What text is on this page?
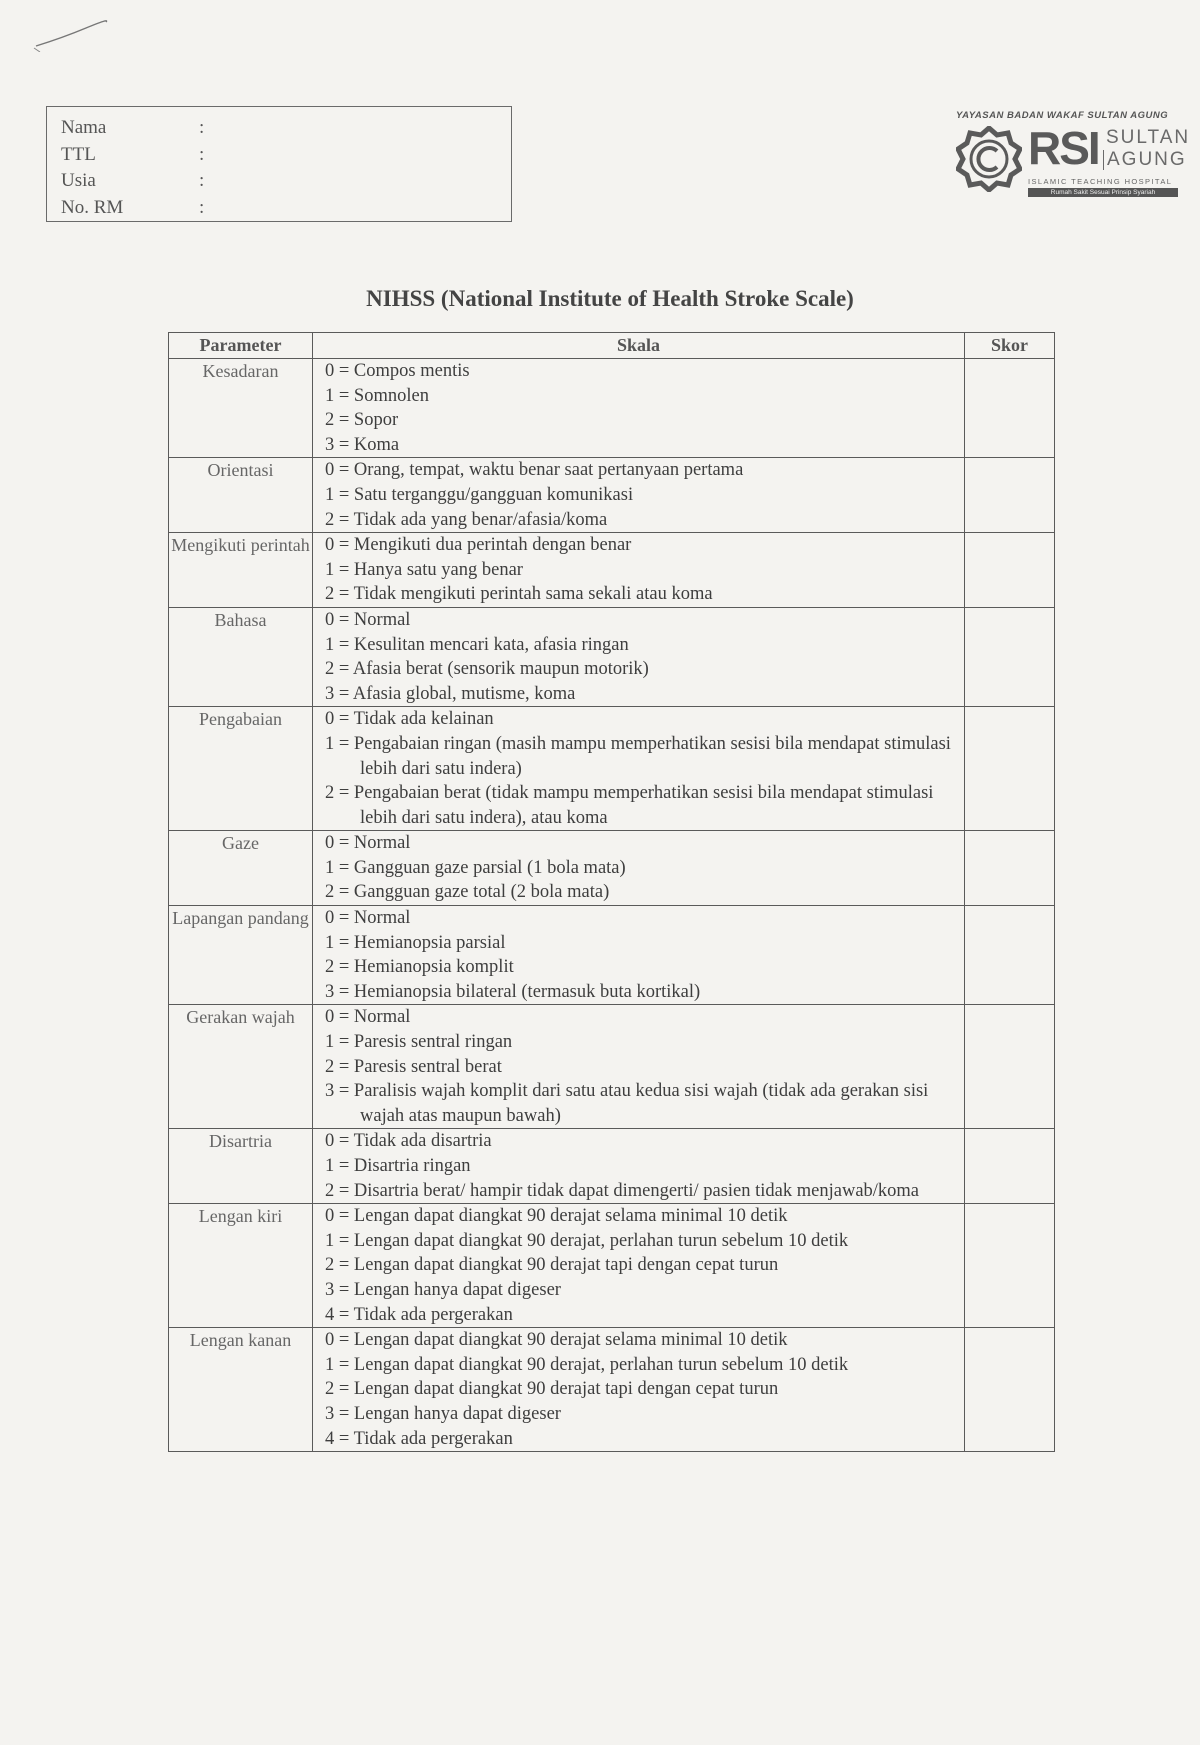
Nama	:
TTL	:
Usia	:
No. RM	:
YAYASAN BADAN WAKAF SULTAN AGUNG
RSI SULTAN
AGUNG
ISLAMIC TEACHING HOSPITAL
Rumah Sakit Sesuai Prinsip Syariah
NIHSS (National Institute of Health Stroke Scale)
Parameter	Skala	Skor
Kesadaran	0 = Compos mentis
1 = Somnolen
2 = Sopor
3 = Koma	

Orientasi	0 = Orang, tempat, waktu benar saat pertanyaan pertama
1 = Satu terganggu/gangguan komunikasi
2 = Tidak ada yang benar/afasia/koma	

Mengikuti perintah	0 = Mengikuti dua perintah dengan benar
1 = Hanya satu yang benar
2 = Tidak mengikuti perintah sama sekali atau koma	

Bahasa	0 = Normal
1 = Kesulitan mencari kata, afasia ringan
2 = Afasia berat (sensorik maupun motorik)
3 = Afasia global, mutisme, koma	

Pengabaian	0 = Tidak ada kelainan
1 = Pengabaian ringan (masih mampu memperhatikan sesisi bila mendapat stimulasi lebih dari satu indera)
2 = Pengabaian berat (tidak mampu memperhatikan sesisi bila mendapat stimulasi lebih dari satu indera), atau koma	

Gaze	0 = Normal
1 = Gangguan gaze parsial (1 bola mata)
2 = Gangguan gaze total (2 bola mata)	

Lapangan pandang	0 = Normal
1 = Hemianopsia parsial
2 = Hemianopsia komplit
3 = Hemianopsia bilateral (termasuk buta kortikal)	

Gerakan wajah	0 = Normal
1 = Paresis sentral ringan
2 = Paresis sentral berat
3 = Paralisis wajah komplit dari satu atau kedua sisi wajah (tidak ada gerakan sisi wajah atas maupun bawah)	

Disartria	0 = Tidak ada disartria
1 = Disartria ringan
2 = Disartria berat/ hampir tidak dapat dimengerti/ pasien tidak menjawab/koma	

Lengan kiri	0 = Lengan dapat diangkat 90 derajat selama minimal 10 detik
1 = Lengan dapat diangkat 90 derajat, perlahan turun sebelum 10 detik
2 = Lengan dapat diangkat 90 derajat tapi dengan cepat turun
3 = Lengan hanya dapat digeser
4 = Tidak ada pergerakan	

Lengan kanan	0 = Lengan dapat diangkat 90 derajat selama minimal 10 detik
1 = Lengan dapat diangkat 90 derajat, perlahan turun sebelum 10 detik
2 = Lengan dapat diangkat 90 derajat tapi dengan cepat turun
3 = Lengan hanya dapat digeser
4 = Tidak ada pergerakan	
